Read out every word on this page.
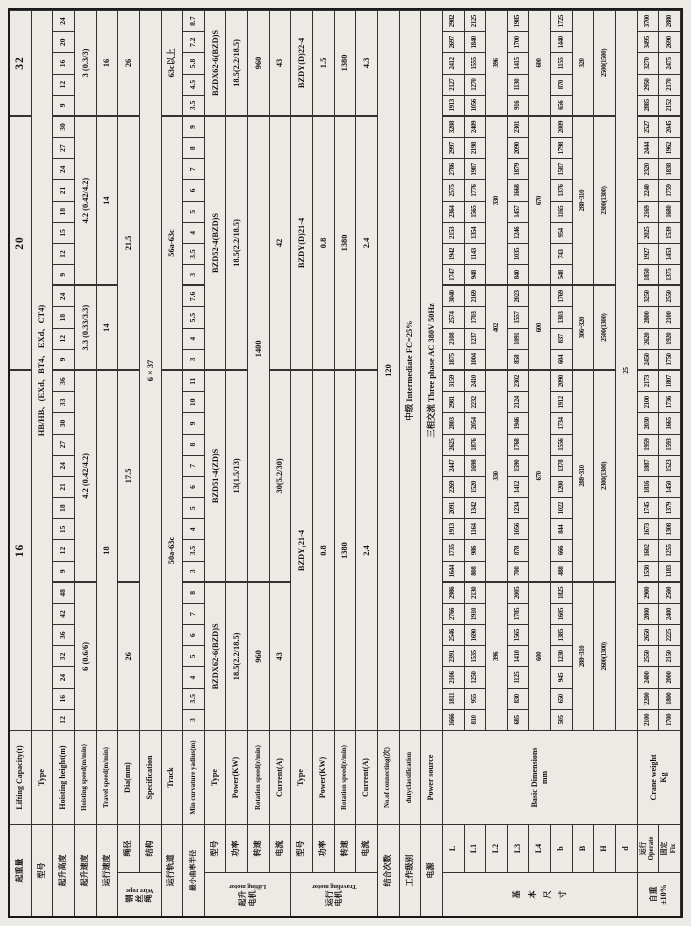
起重量
Lifting Capacity(t)
16
20
32
型号
Type
HB/HB、(EXd、BT4、 EXd、CT4)
起升高度
Hoisting height(m)
12
16
24
32
36
42
48
9
12
15
18
21
24
27
30
33
36
9
12
18
24
9
12
15
18
21
24
27
30
9
12
16
20
24
起升速度
Hoisting speed(m/min)
6 (0.6/6)
4.2 (0.42/4.2)
3.3 (0.33/3.3)
4.2 (0.42/4.2)
3 (0.3/3)
运行速度
Travel speed(m/min)
18
14
14
16
钢 丝 绳
Wire rope
绳径
Dia(mm)
26
17.5
21.5
26
结构
Specification
6 × 37
运行轨道
Track
50a-63c
56a-63c
63c以上
最小曲率半径
Min curvature yadius(m)
3
3.5
4
5
6
7
8
3
3.5
4
5
6
7
8
9
10
11
3
4
5.5
7.6
3
3.5
4
5
6
7
8
9
3.5
4.5
5.8
7.2
8.7
起升 电机
Lifting motor
型号
Type
BZDX62-6(BZD)S
BZD51-4(ZD)S
BZD52-4(BZD)S
BZDX62-6(BZD)S
功率
Power(KW)
18.5(2.2/18.5)
13(1.5/13)
18.5(2.2/18.5)
18.5(2.2/18.5)
转速
Rotation speed(r/min)
960
1400
960
电流
Current(A)
43
30(5.2/30)
42
43
运行 电机
Traveling motor
型号
Type
BZDY₁21-4
BZDY(D)21-4
BZDY(D)22-4
功率
Power(KW)
0.8
0.8
1.5
转速
Rotation speed(r/min)
1380
1380
1380
电流
Current(A)
2.4
2.4
4.3
结合次数
No.of connecting(次)
120
工作级别
dutyclassification
中级 Intermediate FC=25%
电源
Power source
三相交流 Three phase AC 380V 50Hz
基 本 尺 寸
L
Basic Dimensions mm
1666
1811
2106
2391
2546
2766
2986
1644
1735
1913
2091
2269
2447
2625
2803
2981
3159
1875
2108
2574
3040
1747
1942
2153
2364
2575
2786
2997
3208
1913
2127
2412
2697
2982
L1
810
955
1250
1535
1690
1910
2130
808
986
1164
1342
1520
1698
1876
2054
2232
2410
1004
1237
1703
2169
948
1143
1354
1565
1776
1987
2198
2409
1056
1270
1555
1840
2125
L2
396
330
402
330
396
L3
685
830
1125
1410
1565
1785
2005
700
878
1056
1234
1412
1590
1768
1946
2124
2302
858
1091
1557
2023
840
1035
1246
1457
1668
1879
2090
2301
916
1130
1415
1700
1985
L4
600
670
600
670
600
b
505
650
945
1230
1385
1605
1825
488
666
844
1022
1200
1378
1556
1734
1912
2090
604
837
1303
1769
548
743
954
1165
1376
1587
1798
2009
656
870
1155
1440
1725
B
288~310
288~310
306~320
288~310
320
H
2600(1300)
2300(1300)
2500(1300)
2300(1300)
2500(1500)
d
25
自重 ±10%
运行 Operate
Crane weight Kg
2100
2200
2400
2550
2650
2800
2900
1530
1602
1673
1745
1816
1887
1959
2030
2100
2173
2450
2620
2800
3250
1850
1927
2025
2169
2240
2320
2444
2527
2885
2950
3270
3495
3700
固定 Fix
1700
1800
2000
2150
2225
2400
2500
1183
1255
1308
1379
1450
1523
1593
1665
1736
1807
1750
1920
2100
2550
1375
1453
1539
1680
1759
1838
1962
2045
2152
2170
2475
2690
2880
